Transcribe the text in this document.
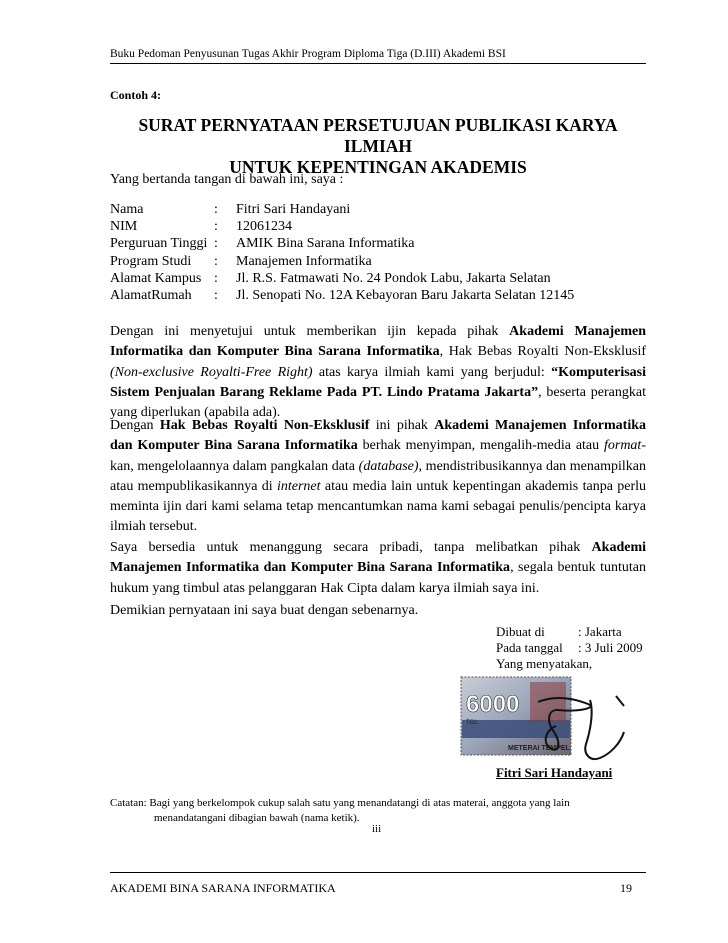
Buku Pedoman Penyusunan Tugas Akhir Program Diploma Tiga (D.III) Akademi BSI
Contoh 4:
SURAT PERNYATAAN PERSETUJUAN PUBLIKASI KARYA ILMIAH
UNTUK KEPENTINGAN AKADEMIS
Yang bertanda tangan di bawah ini, saya :
Nama	:	Fitri Sari Handayani
NIM	:	12061234
Perguruan Tinggi :	AMIK Bina Sarana Informatika
Program Studi	:	Manajemen Informatika
Alamat Kampus :	Jl. R.S. Fatmawati No. 24 Pondok Labu, Jakarta Selatan
AlamatRumah	:	Jl. Senopati No. 12A Kebayoran Baru Jakarta Selatan 12145
Dengan ini menyetujui untuk memberikan ijin kepada pihak Akademi Manajemen Informatika dan Komputer Bina Sarana Informatika, Hak Bebas Royalti Non-Eksklusif (Non-exclusive Royalti-Free Right) atas karya ilmiah kami yang berjudul: “Komputerisasi Sistem Penjualan Barang Reklame Pada PT. Lindo Pratama Jakarta”, beserta perangkat yang diperlukan (apabila ada).
Dengan Hak Bebas Royalti Non-Eksklusif ini pihak Akademi Manajemen Informatika dan Komputer Bina Sarana Informatika berhak menyimpan, mengalih-media atau format-kan, mengelolaannya dalam pangkalan data (database), mendistribusikannya dan menampilkan atau mempublikasikannya di internet atau media lain untuk kepentingan akademis tanpa perlu meminta ijin dari kami selama tetap mencantumkan nama kami sebagai penulis/pencipta karya ilmiah tersebut.
Saya bersedia untuk menanggung secara pribadi, tanpa melibatkan pihak Akademi Manajemen Informatika dan Komputer Bina Sarana Informatika, segala bentuk tuntutan hukum yang timbul atas pelanggaran Hak Cipta dalam karya ilmiah saya ini.
Demikian pernyataan ini saya buat dengan sebenarnya.
Dibuat di	: Jakarta
Pada tanggal	: 3 Juli 2009
Yang menyatakan,
6000
TGL.
METERAI TEMPEL
Fitri Sari Handayani
Catatan: Bagi yang berkelompok cukup salah satu yang menandatangi di atas materai, anggota yang lain
menandatangani dibagian bawah (nama ketik).
iii
AKADEMI BINA SARANA INFORMATIKA	19
